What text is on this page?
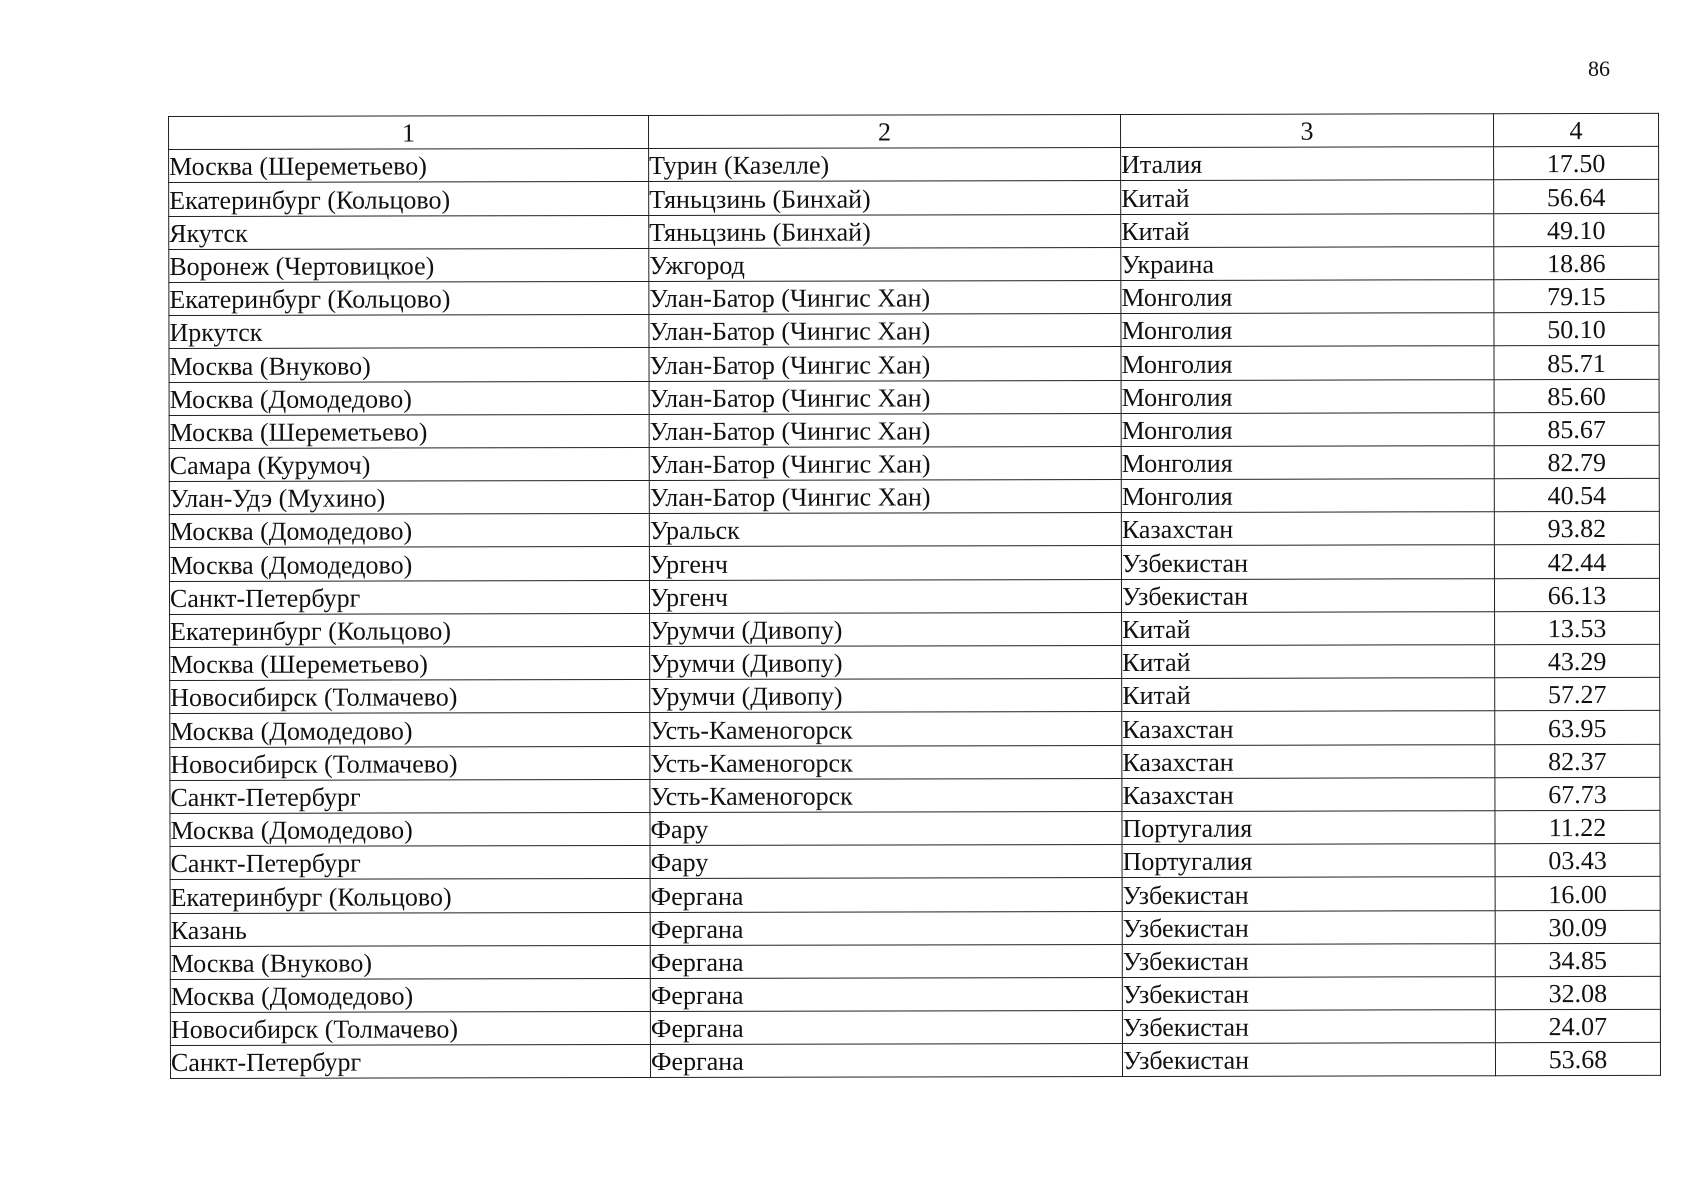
86
1	2	3	4
Москва (Шереметьево)	Турин (Казелле)	Италия	17.50
Екатеринбург (Кольцово)	Тяньцзинь (Бинхай)	Китай	56.64
Якутск	Тяньцзинь (Бинхай)	Китай	49.10
Воронеж (Чертовицкое)	Ужгород	Украина	18.86
Екатеринбург (Кольцово)	Улан-Батор (Чингис Хан)	Монголия	79.15
Иркутск	Улан-Батор (Чингис Хан)	Монголия	50.10
Москва (Внуково)	Улан-Батор (Чингис Хан)	Монголия	85.71
Москва (Домодедово)	Улан-Батор (Чингис Хан)	Монголия	85.60
Москва (Шереметьево)	Улан-Батор (Чингис Хан)	Монголия	85.67
Самара (Курумоч)	Улан-Батор (Чингис Хан)	Монголия	82.79
Улан-Удэ (Мухино)	Улан-Батор (Чингис Хан)	Монголия	40.54
Москва (Домодедово)	Уральск	Казахстан	93.82
Москва (Домодедово)	Ургенч	Узбекистан	42.44
Санкт-Петербург	Ургенч	Узбекистан	66.13
Екатеринбург (Кольцово)	Урумчи (Дивопу)	Китай	13.53
Москва (Шереметьево)	Урумчи (Дивопу)	Китай	43.29
Новосибирск (Толмачево)	Урумчи (Дивопу)	Китай	57.27
Москва (Домодедово)	Усть-Каменогорск	Казахстан	63.95
Новосибирск (Толмачево)	Усть-Каменогорск	Казахстан	82.37
Санкт-Петербург	Усть-Каменогорск	Казахстан	67.73
Москва (Домодедово)	Фару	Португалия	11.22
Санкт-Петербург	Фару	Португалия	03.43
Екатеринбург (Кольцово)	Фергана	Узбекистан	16.00
Казань	Фергана	Узбекистан	30.09
Москва (Внуково)	Фергана	Узбекистан	34.85
Москва (Домодедово)	Фергана	Узбекистан	32.08
Новосибирск (Толмачево)	Фергана	Узбекистан	24.07
Санкт-Петербург	Фергана	Узбекистан	53.68
